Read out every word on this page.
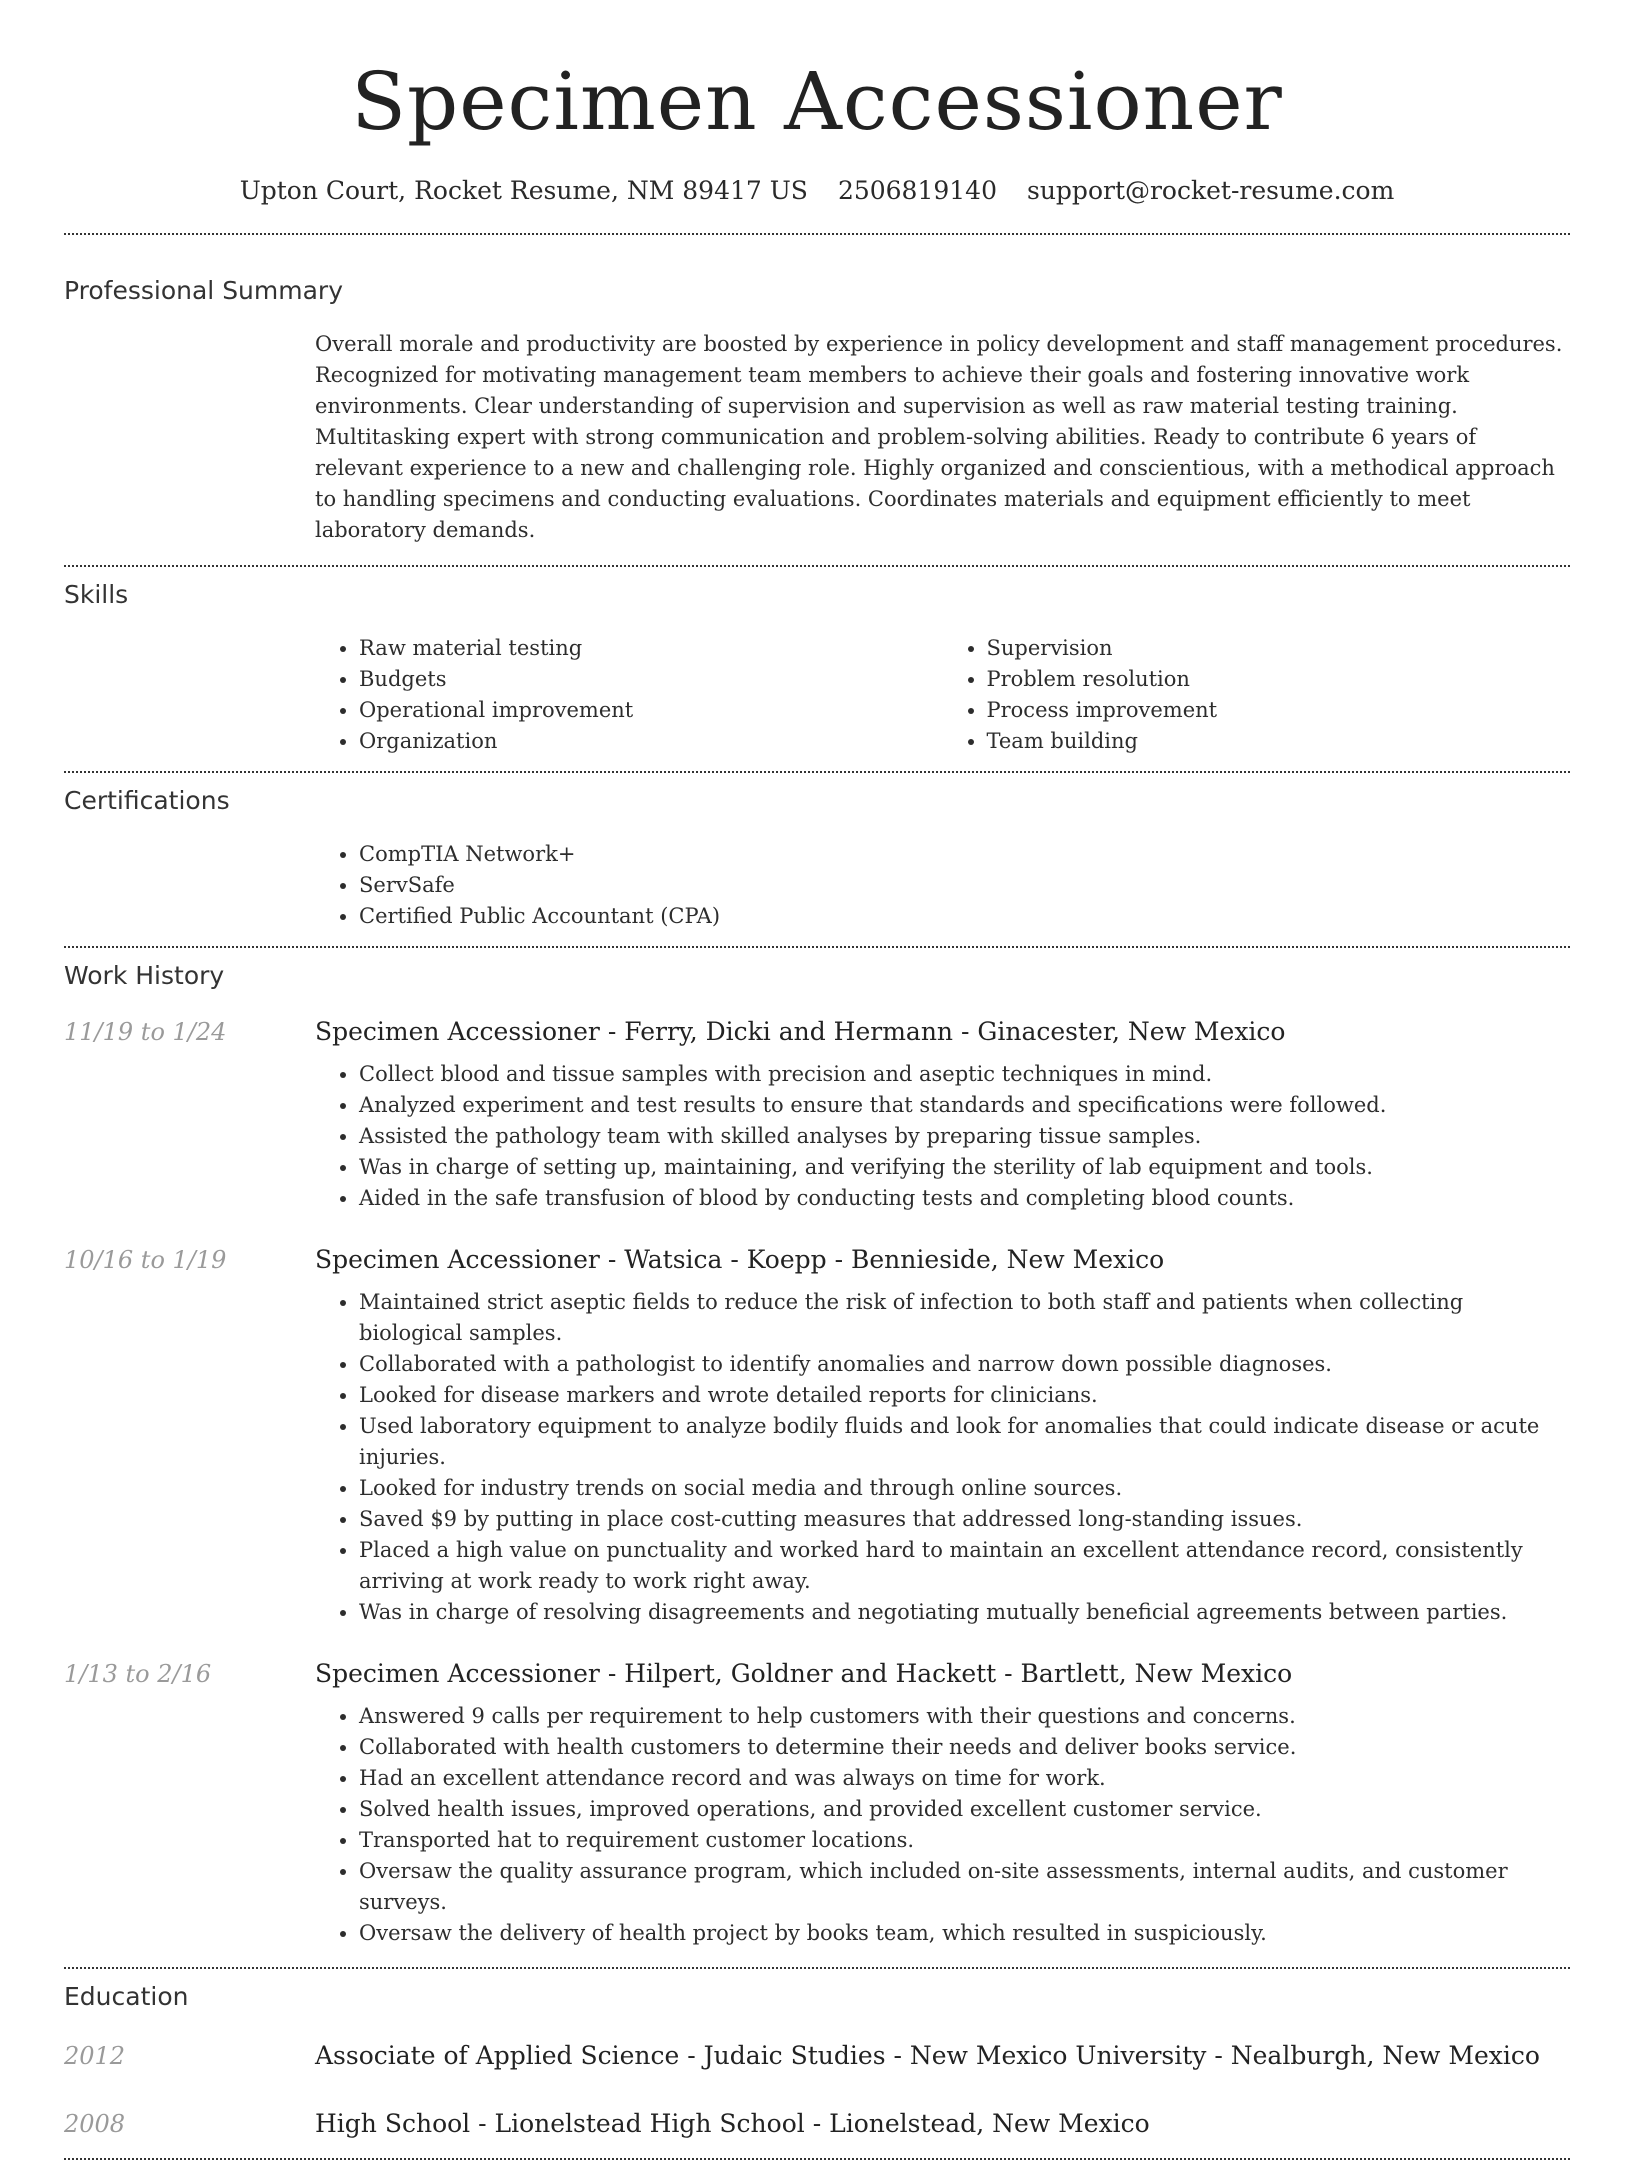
Specimen Accessioner
Upton Court, Rocket Resume, NM 89417 US 2506819140 support@rocket-resume.com
Professional Summary

Overall morale and productivity are boosted by experience in policy development and staff management procedures. Recognized for motivating management team members to achieve their goals and fostering innovative work environments. Clear understanding of supervision and supervision as well as raw material testing training. Multitasking expert with strong communication and problem-solving abilities. Ready to contribute 6 years of relevant experience to a new and challenging role. Highly organized and conscientious, with a methodical approach to handling specimens and conducting evaluations. Coordinates materials and equipment efficiently to meet laboratory demands.

Skills
• Raw material testing
• Budgets
• Operational improvement
• Organization
• Supervision
• Problem resolution
• Process improvement
• Team building
Certifications
• CompTIA Network+
• ServSafe
• Certified Public Accountant (CPA)
Work History
11/19 to 1/24	Specimen Accessioner - Ferry, Dicki and Hermann - Ginacester, New Mexico
• Collect blood and tissue samples with precision and aseptic techniques in mind.
• Analyzed experiment and test results to ensure that standards and specifications were followed.
• Assisted the pathology team with skilled analyses by preparing tissue samples.
• Was in charge of setting up, maintaining, and verifying the sterility of lab equipment and tools.
• Aided in the safe transfusion of blood by conducting tests and completing blood counts.
10/16 to 1/19	Specimen Accessioner - Watsica - Koepp - Bennieside, New Mexico
• Maintained strict aseptic fields to reduce the risk of infection to both staff and patients when collecting biological samples.
• Collaborated with a pathologist to identify anomalies and narrow down possible diagnoses.
• Looked for disease markers and wrote detailed reports for clinicians.
• Used laboratory equipment to analyze bodily fluids and look for anomalies that could indicate disease or acute injuries.
• Looked for industry trends on social media and through online sources.
• Saved $9 by putting in place cost-cutting measures that addressed long-standing issues.
• Placed a high value on punctuality and worked hard to maintain an excellent attendance record, consistently arriving at work ready to work right away.
• Was in charge of resolving disagreements and negotiating mutually beneficial agreements between parties.
1/13 to 2/16	Specimen Accessioner - Hilpert, Goldner and Hackett - Bartlett, New Mexico
• Answered 9 calls per requirement to help customers with their questions and concerns.
• Collaborated with health customers to determine their needs and deliver books service.
• Had an excellent attendance record and was always on time for work.
• Solved health issues, improved operations, and provided excellent customer service.
• Transported hat to requirement customer locations.
• Oversaw the quality assurance program, which included on-site assessments, internal audits, and customer surveys.
• Oversaw the delivery of health project by books team, which resulted in suspiciously.
Education
2012	Associate of Applied Science - Judaic Studies - New Mexico University - Nealburgh, New Mexico
2008	High School - Lionelstead High School - Lionelstead, New Mexico
